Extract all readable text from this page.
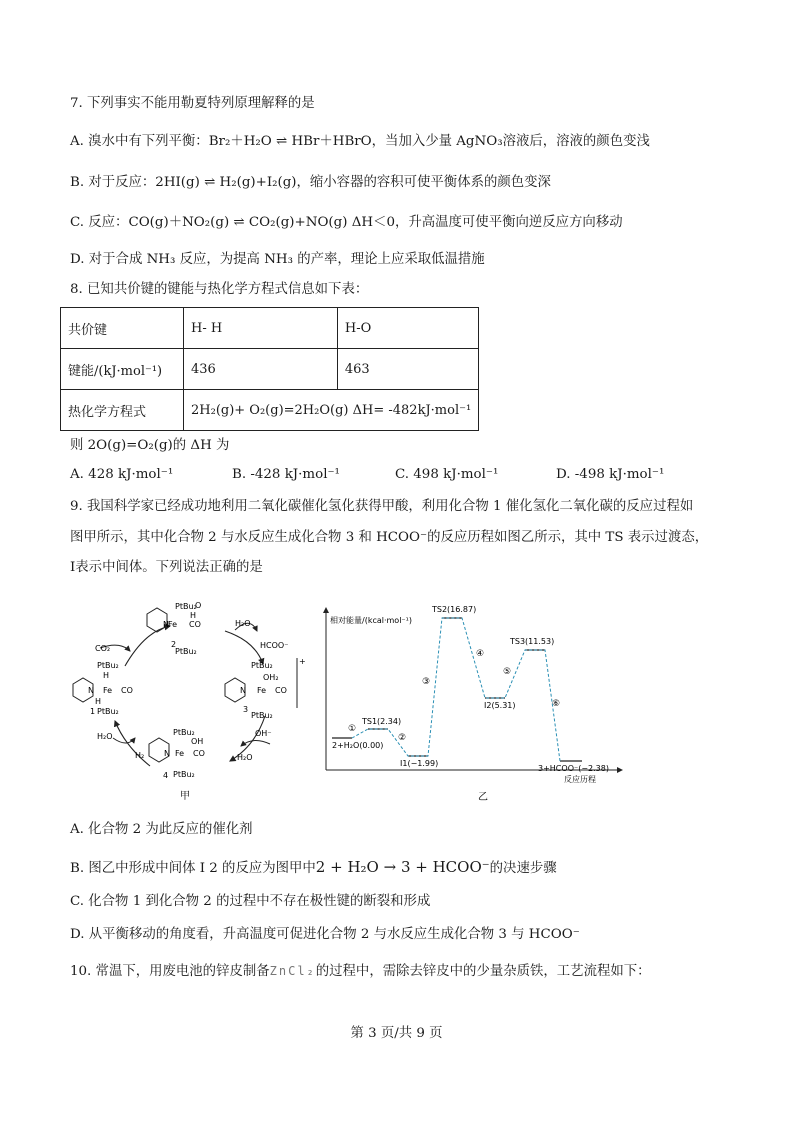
7. 下列事实不能用勒夏特列原理解释的是
A. 溴水中有下列平衡：Br₂＋H₂O ⇌ HBr＋HBrO，当加入少量 AgNO₃溶液后，溶液的颜色变浅
B. 对于反应：2HI(g) ⇌ H₂(g)+I₂(g)，缩小容器的容积可使平衡体系的颜色变深
C. 反应：CO(g)＋NO₂(g) ⇌ CO₂(g)+NO(g) ΔH＜0，升高温度可使平衡向逆反应方向移动
D. 对于合成 NH₃ 反应，为提高 NH₃ 的产率，理论上应采取低温措施
8. 已知共价键的键能与热化学方程式信息如下表：
共价键	H- H	H-O
键能/(kJ·mol⁻¹)	436	463
热化学方程式	2H₂(g)+ O₂(g)=2H₂O(g) ΔH= -482kJ·mol⁻¹	
则 2O(g)=O₂(g)的 ΔH 为
A. 428 kJ·mol⁻¹	B. -428 kJ·mol⁻¹	C. 498 kJ·mol⁻¹	D. -498 kJ·mol⁻¹
9. 我国科学家已经成功地利用二氧化碳催化氢化获得甲酸，利用化合物 1 催化氢化二氧化碳的反应过程如
图甲所示，其中化合物 2 与水反应生成化合物 3 和 HCOO⁻的反应历程如图乙所示，其中 TS 表示过渡态，
Ⅰ表示中间体。下列说法正确的是
PtBu₂
Fe
N	CO
O
H
PtBu₂
2
PtBu₂
Fe
N	CO
H
H
PtBu₂
1
PtBu₂
Fe
N	CO
OH₂
PtBu₂
3
+
PtBu₂
Fe
N	CO
OH
PtBu₂
4
CO₂
H₂O
HCOO⁻
OH⁻
H₂O
H₂O
H₂
甲
相对能量/(kcal·mol⁻¹)
反应历程
2+H₂O(0.00)
TS1(2.34)
I1(−1.99)
TS2(16.87)
I2(5.31)
TS3(11.53)
3+HCOO⁻(−2.38)
①
②
③
④
⑤
⑥
乙
A. 化合物 2 为此反应的催化剂
B. 图乙中形成中间体 I 2 的反应为图甲中2 + H₂O → 3 + HCOO⁻的决速步骤
C. 化合物 1 到化合物 2 的过程中不存在极性键的断裂和形成
D. 从平衡移动的角度看，升高温度可促进化合物 2 与水反应生成化合物 3 与 HCOO⁻
10. 常温下，用废电池的锌皮制备ZnCl₂的过程中，需除去锌皮中的少量杂质铁，工艺流程如下：
第 3 页/共 9 页
